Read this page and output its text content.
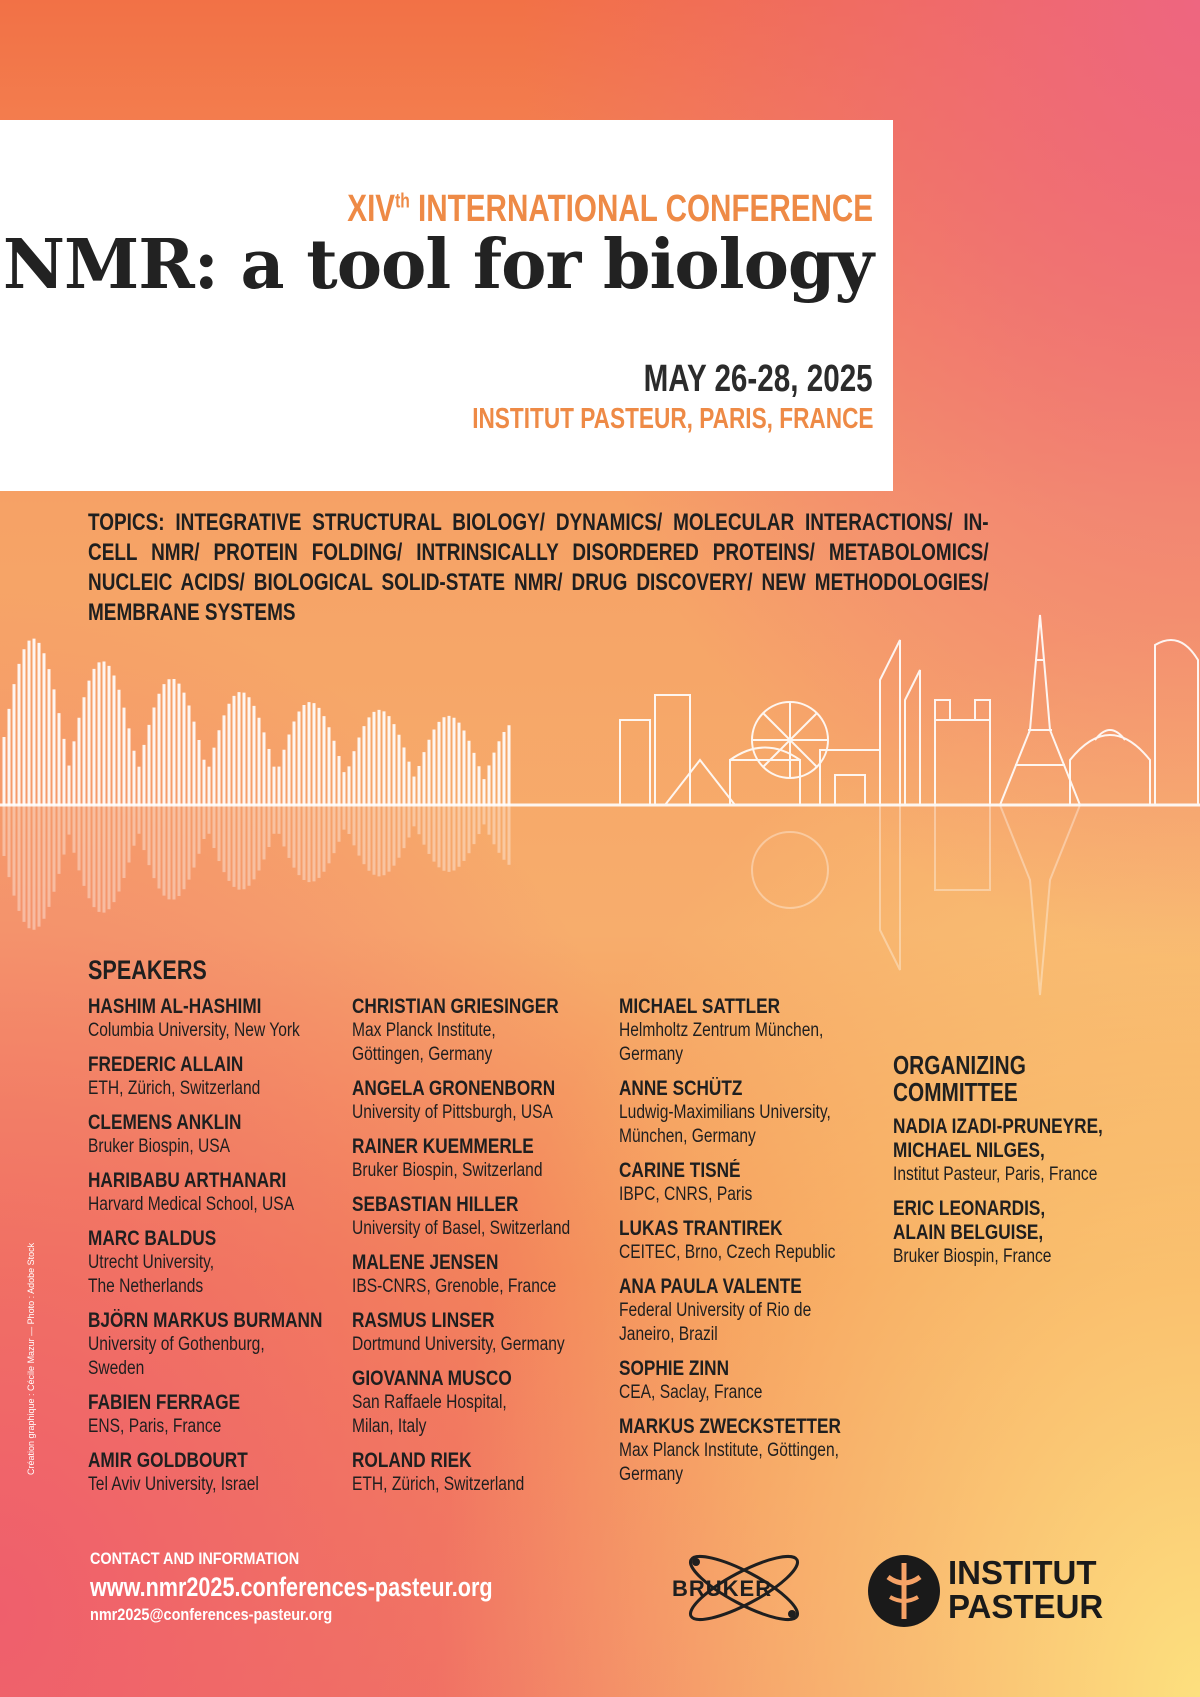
XIVth INTERNATIONAL CONFERENCE
NMR: a tool for biology
MAY 26-28, 2025
INSTITUT PASTEUR, PARIS, FRANCE
TOPICS: INTEGRATIVE STRUCTURAL BIOLOGY/ DYNAMICS/ MOLECULAR INTERACTIONS/ IN-CELL NMR/ PROTEIN FOLDING/ INTRINSICALLY DISORDERED PROTEINS/ METABOLOMICS/ NUCLEIC ACIDS/ BIOLOGICAL SOLID-STATE NMR/ DRUG DISCOVERY/ NEW METHODOLOGIES/ MEMBRANE SYSTEMS
SPEAKERS
HASHIM AL-HASHIMI
Columbia University, New York
FREDERIC ALLAIN
ETH, Zürich, Switzerland
CLEMENS ANKLIN
Bruker Biospin, USA
HARIBABU ARTHANARI
Harvard Medical School, USA
MARC BALDUS
Utrecht University,
The Netherlands
BJÖRN MARKUS BURMANN
University of Gothenburg,
Sweden
FABIEN FERRAGE
ENS, Paris, France
AMIR GOLDBOURT
Tel Aviv University, Israel
CHRISTIAN GRIESINGER
Max Planck Institute,
Göttingen, Germany
ANGELA GRONENBORN
University of Pittsburgh, USA
RAINER KUEMMERLE
Bruker Biospin, Switzerland
SEBASTIAN HILLER
University of Basel, Switzerland
MALENE JENSEN
IBS-CNRS, Grenoble, France
RASMUS LINSER
Dortmund University, Germany
GIOVANNA MUSCO
San Raffaele Hospital,
Milan, Italy
ROLAND RIEK
ETH, Zürich, Switzerland
MICHAEL SATTLER
Helmholtz Zentrum München,
Germany
ANNE SCHÜTZ
Ludwig-Maximilians University,
München, Germany
CARINE TISNÉ
IBPC, CNRS, Paris
LUKAS TRANTIREK
CEITEC, Brno, Czech Republic
ANA PAULA VALENTE
Federal University of Rio de
Janeiro, Brazil
SOPHIE ZINN
CEA, Saclay, France
MARKUS ZWECKSTETTER
Max Planck Institute, Göttingen,
Germany
ORGANIZING
COMMITTEE
NADIA IZADI-PRUNEYRE,
MICHAEL NILGES,
Institut Pasteur, Paris, France
ERIC LEONARDIS,
ALAIN BELGUISE,
Bruker Biospin, France
Création graphique : Cécile Mazur — Photo : Adobe Stock
CONTACT AND INFORMATION
www.nmr2025.conferences-pasteur.org
nmr2025@conferences-pasteur.org
BRUKER	INSTITUT
PASTEUR
